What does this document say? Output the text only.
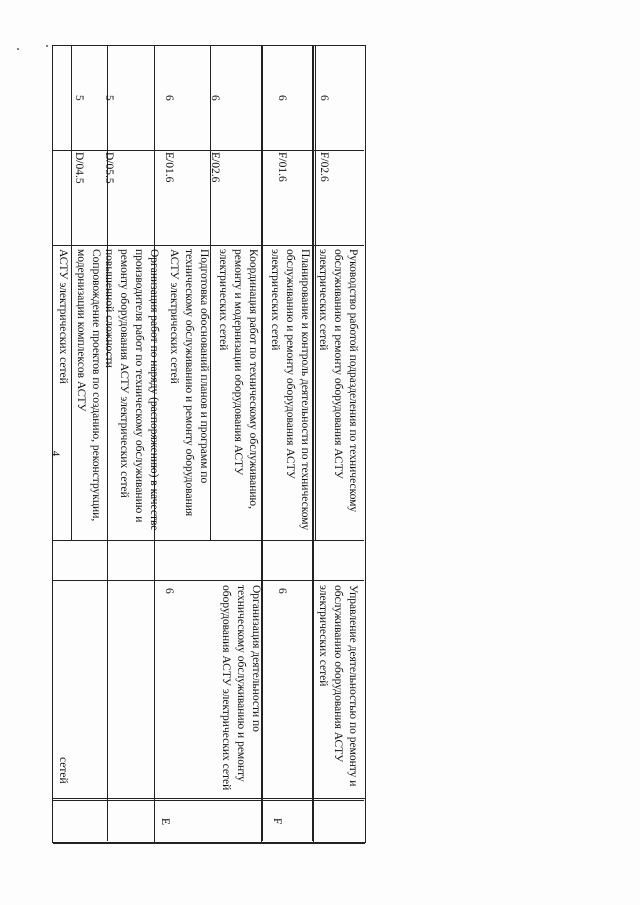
4
сетей
АСТУ электрических сетей	Сопровождение проектов по созданию, реконструкции, модернизации комплексов АСТУ
D/04.5
5
Организация работ по наряду (распоряжению) в качестве производителя работ по техническому обслуживанию и ремонту оборудования АСТУ электрических сетей повышенной сложности
D/05.5
5
E
Организация деятельности по техническому обслуживанию и ремонту оборудования АСТУ электрических сетей
6
Подготовка обоснований планов и программ по техническому обслуживанию и ремонту оборудования АСТУ электрических сетей
E/01.6
6
Координация работ по техническому обслуживанию, ремонту и модернизации оборудования АСТУ электрических сетей
E/02.6
6
F
Управление деятельностью по ремонту и обслуживанию оборудования АСТУ электрических сетей
6
Планирование и контроль деятельности по техническому обслуживанию и ремонту оборудования АСТУ электрических сетей
F/01.6
6
Руководство работой подразделения по техническому обслуживанию и ремонту оборудования АСТУ электрических сетей
F/02.6
6
